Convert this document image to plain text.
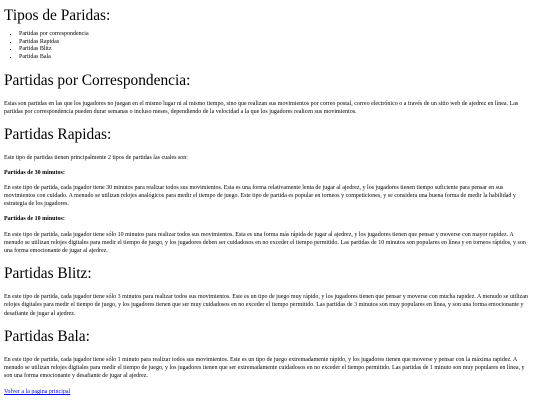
Tipos de Paridas:
• Partidas por correspondencia
• Partidas Rapidas
• Partidas Blitz
• Partidas Bala
Partidas por Correspondencia:

Estas son partidas en las que los jugadores no juegan en el mismo lugar ni al mismo tiempo, sino que realizan sus movimientos por correo postal, correo electrónico o a través de un sitio web de ajedrez en línea. Las partidas por correspondencia pueden durar semanas o incluso meses, dependiendo de la velocidad a la que los jugadores realicen sus movimientos.

Partidas Rapidas:

Este tipo de partidas tienen principalmente 2 tipos de partidas las cuales son:

Partidas de 30 minutos:

En este tipo de partida, cada jugador tiene 30 minutos para realizar todos sus movimientos. Esta es una forma relativamente lenta de jugar al ajedrez, y los jugadores tienen tiempo suficiente para pensar en sus movimientos con cuidado. A menudo se utilizan relojes analógicos para medir el tiempo de juego. Este tipo de partida es popular en torneos y competiciones, y se considera una buena forma de medir la habilidad y estrategia de los jugadores.

Partidas de 10 minutos:

En este tipo de partida, cada jugador tiene sólo 10 minutos para realizar todos sus movimientos. Esta es una forma más rápida de jugar al ajedrez, y los jugadores tienen que pensar y moverse con mayor rapidez. A menudo se utilizan relojes digitales para medir el tiempo de juego, y los jugadores deben ser cuidadosos en no exceder el tiempo permitido. Las partidas de 10 minutos son populares en línea y en torneos rápidos, y son una forma emocionante de jugar al ajedrez.

Partidas Blitz:

En este tipo de partida, cada jugador tiene sólo 3 minutos para realizar todos sus movimientos. Este es un tipo de juego muy rápido, y los jugadores tienen que pensar y moverse con mucha rapidez. A menudo se utilizan relojes digitales para medir el tiempo de juego, y los jugadores tienen que ser muy cuidadosos en no exceder el tiempo permitido. Las partidas de 3 minutos son muy populares en línea, y son una forma emocionante y desafiante de jugar al ajedrez.

Partidas Bala:

En este tipo de partida, cada jugador tiene sólo 1 minuto para realizar todos sus movimientos. Este es un tipo de juego extremadamente rápido, y los jugadores tienen que moverse y pensar con la máxima rapidez. A menudo se utilizan relojes digitales para medir el tiempo de juego, y los jugadores tienen que ser extremadamente cuidadosos en no exceder el tiempo permitido. Las partidas de 1 minuto son muy populares en línea, y son una forma emocionante y desafiante de jugar al ajedrez.

Volver a la pagina principal
